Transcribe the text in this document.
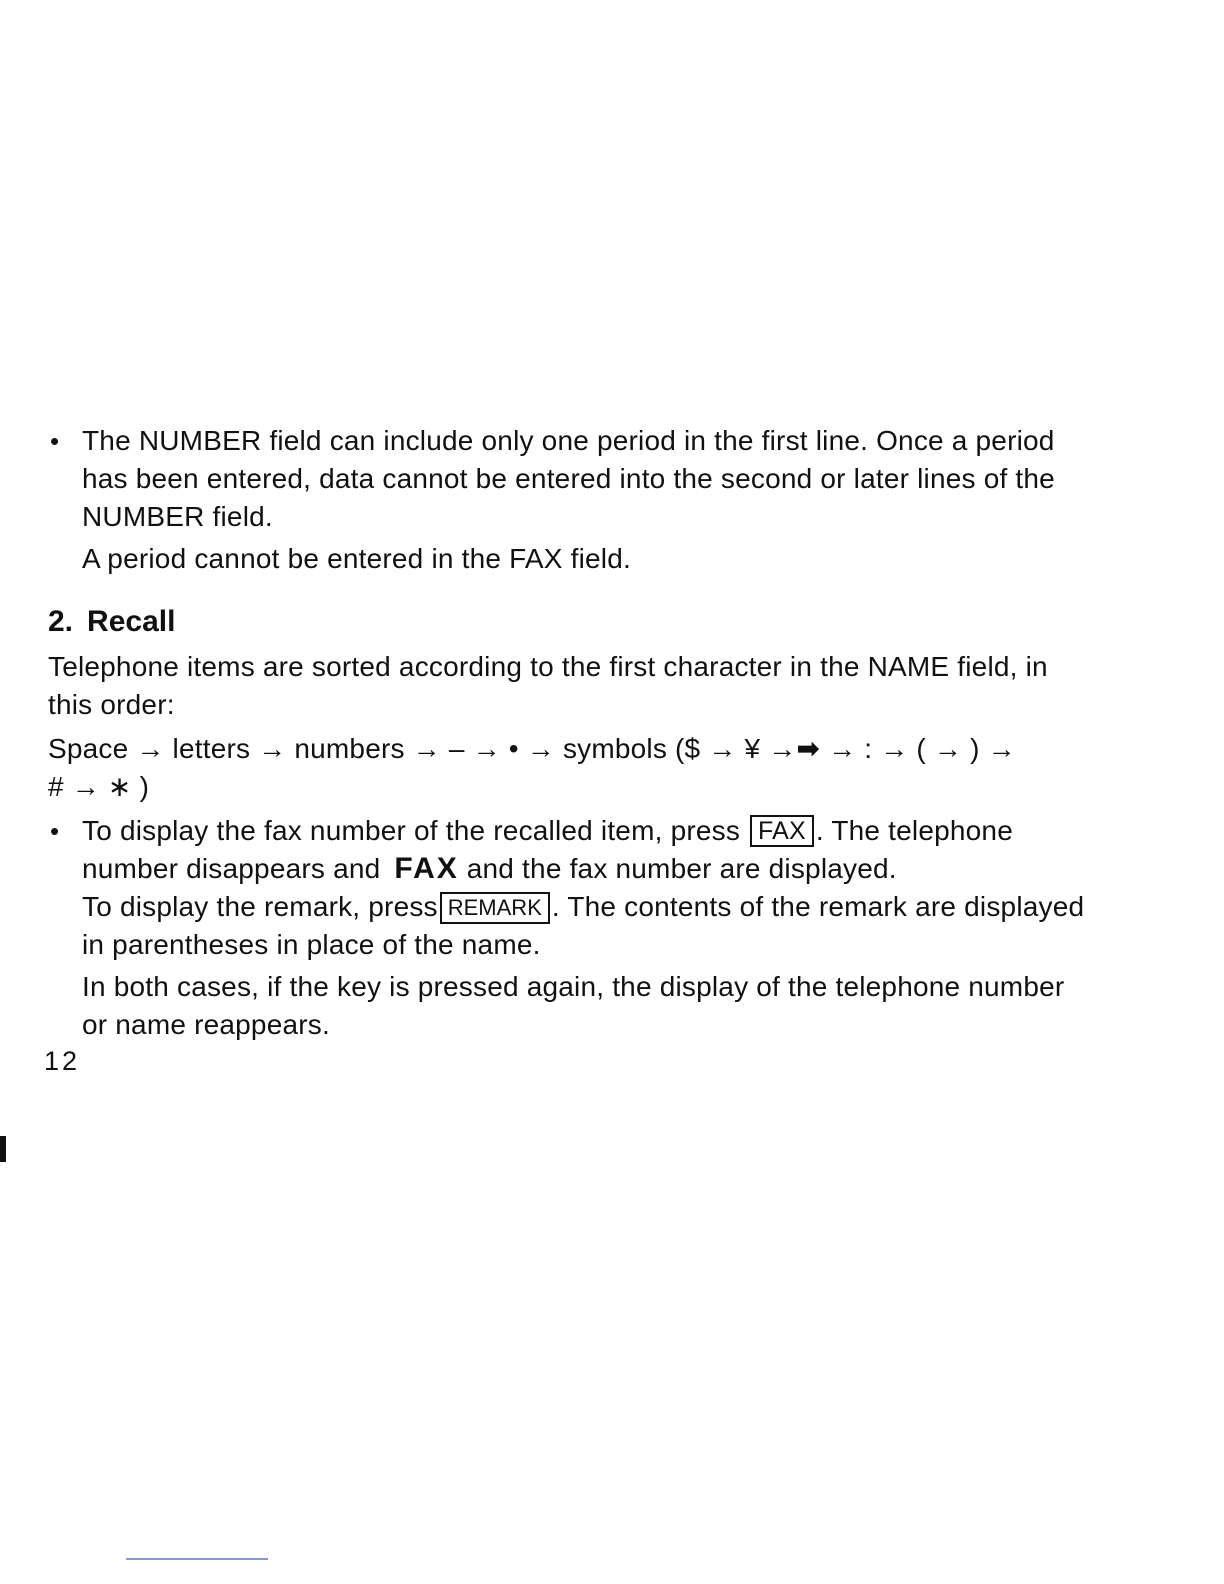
• The NUMBER field can include only one period in the first line. Once a period
has been entered, data cannot be entered into the second or later lines of the
NUMBER field.
A period cannot be entered in the FAX field.
2. Recall
Telephone items are sorted according to the first character in the NAME field, in
this order:
Space → letters → numbers → – → • → symbols ($ → ¥ →➡ → : → ( → ) →
# → ∗ )
• To display the fax number of the recalled item, press FAX . The telephone
number disappears and FAX and the fax number are displayed.
To display the remark, press REMARK . The contents of the remark are displayed
in parentheses in place of the name.
In both cases, if the key is pressed again, the display of the telephone number
or name reappears.
12
